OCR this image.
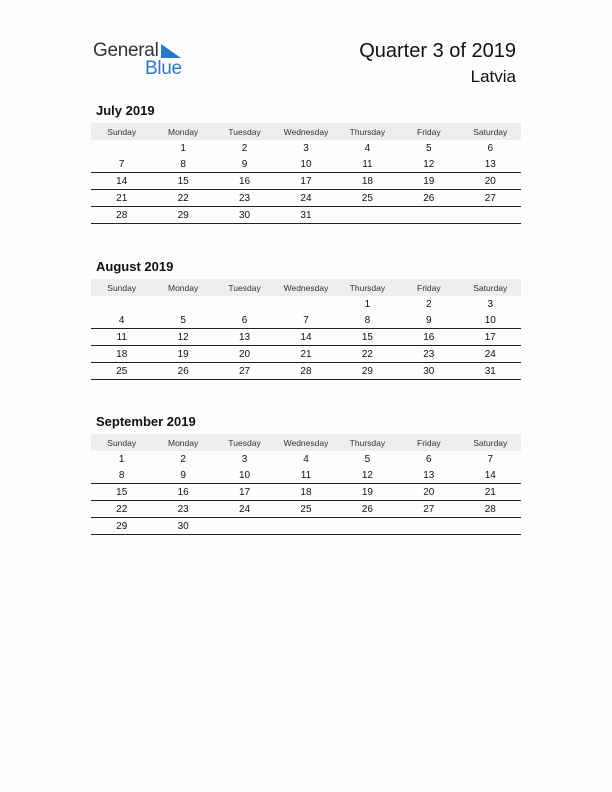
General
Blue
Quarter 3 of 2019
Latvia
July 2019
Sunday	Monday	Tuesday	Wednesday	Thursday	Friday	Saturday
	1	2	3	4	5	6
7	8	9	10	11	12	13
14	15	16	17	18	19	20
21	22	23	24	25	26	27
28	29	30	31			
August 2019
Sunday	Monday	Tuesday	Wednesday	Thursday	Friday	Saturday
				1	2	3
4	5	6	7	8	9	10
11	12	13	14	15	16	17
18	19	20	21	22	23	24
25	26	27	28	29	30	31
September 2019
Sunday	Monday	Tuesday	Wednesday	Thursday	Friday	Saturday
1	2	3	4	5	6	7
8	9	10	11	12	13	14
15	16	17	18	19	20	21
22	23	24	25	26	27	28
29	30					
